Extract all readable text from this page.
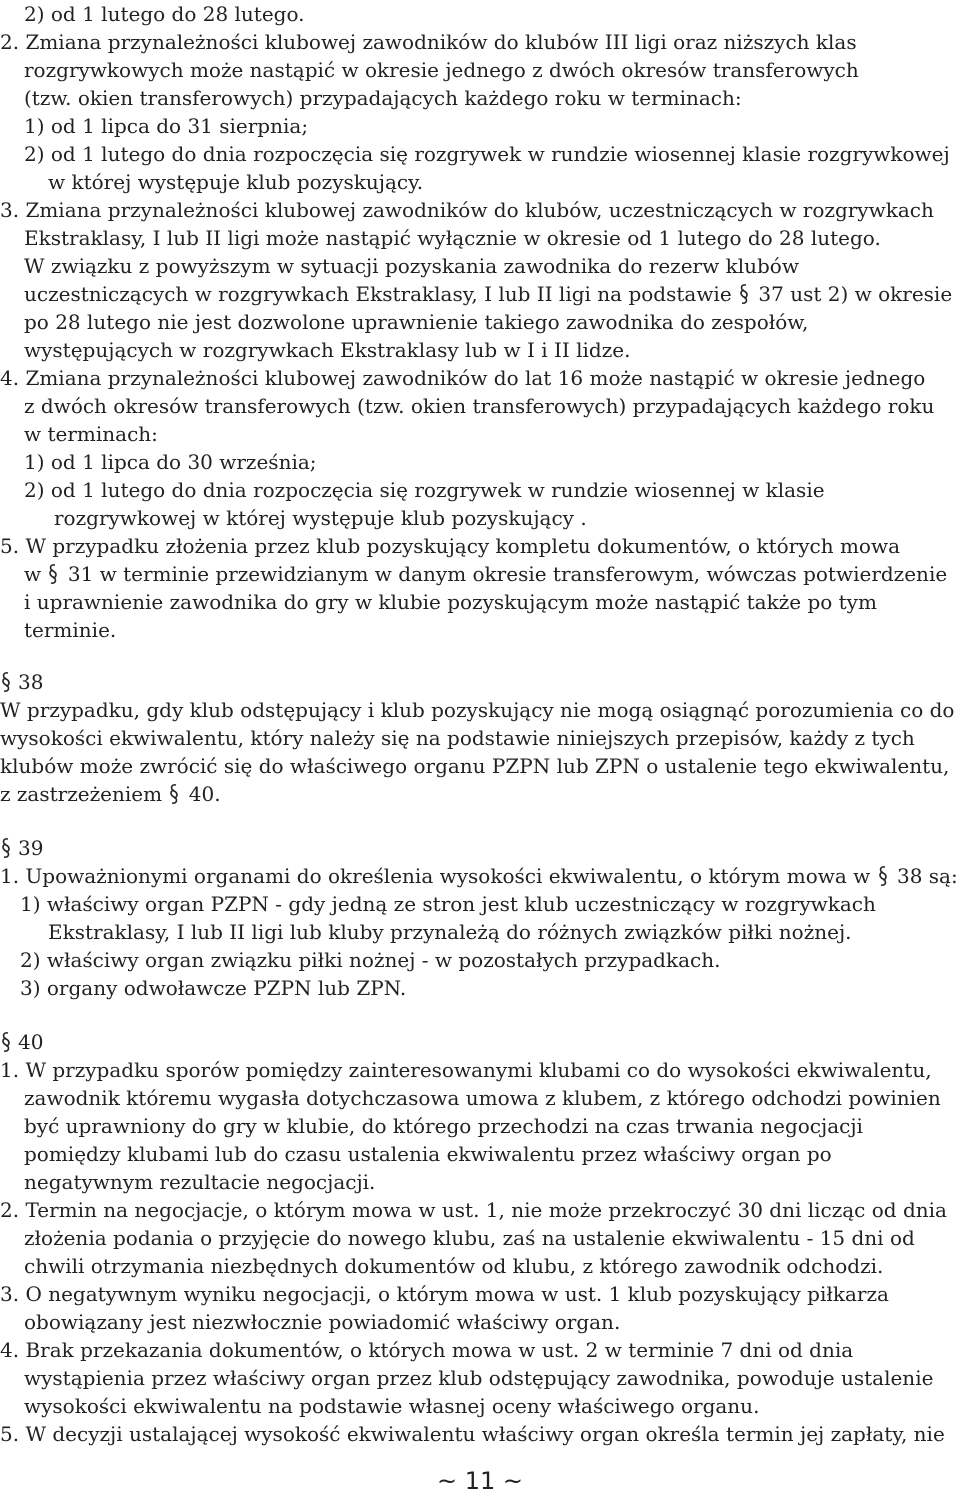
2) od 1 lutego do 28 lutego.
2. Zmiana przynależności klubowej zawodników do klubów III ligi oraz niższych klas
rozgrywkowych może nastąpić w okresie jednego z dwóch okresów transferowych
(tzw. okien transferowych) przypadających każdego roku w terminach:
1) od 1 lipca do 31 sierpnia;
2) od 1 lutego do dnia rozpoczęcia się rozgrywek w rundzie wiosennej klasie rozgrywkowej
w której występuje klub pozyskujący.
3. Zmiana przynależności klubowej zawodników do klubów, uczestniczących w rozgrywkach
Ekstraklasy, I lub II ligi może nastąpić wyłącznie w okresie od 1 lutego do 28 lutego.
W związku z powyższym w sytuacji pozyskania zawodnika do rezerw klubów
uczestniczących w rozgrywkach Ekstraklasy, I lub II ligi na podstawie 37 ust 2) w okresie
po 28 lutego nie jest dozwolone uprawnienie takiego zawodnika do zespołów,
występujących w rozgrywkach Ekstraklasy lub w I i II lidze.
4. Zmiana przynależności klubowej zawodników do lat 16 może nastąpić w okresie jednego
z dwóch okresów transferowych (tzw. okien transferowych) przypadających każdego roku
w terminach:
1) od 1 lipca do 30 września;
2) od 1 lutego do dnia rozpoczęcia się rozgrywek w rundzie wiosennej w klasie
rozgrywkowej w której występuje klub pozyskujący .
5. W przypadku złożenia przez klub pozyskujący kompletu dokumentów, o których mowa
w 31 w terminie przewidzianym w danym okresie transferowym, wówczas potwierdzenie
i uprawnienie zawodnika do gry w klubie pozyskującym może nastąpić także po tym
terminie.
38
W przypadku, gdy klub odstępujący i klub pozyskujący nie mogą osiągnąć porozumienia co do
wysokości ekwiwalentu, który należy się na podstawie niniejszych przepisów, każdy z tych
klubów może zwrócić się do właściwego organu PZPN lub ZPN o ustalenie tego ekwiwalentu,
z zastrzeżeniem 40.
39
1. Upoważnionymi organami do określenia wysokości ekwiwalentu, o którym mowa w 38 są:
1) właściwy organ PZPN - gdy jedną ze stron jest klub uczestniczący w rozgrywkach
Ekstraklasy, I lub II ligi lub kluby przynależą do różnych związków piłki nożnej.
2) właściwy organ związku piłki nożnej - w pozostałych przypadkach.
3) organy odwoławcze PZPN lub ZPN.
40
1. W przypadku sporów pomiędzy zainteresowanymi klubami co do wysokości ekwiwalentu,
zawodnik któremu wygasła dotychczasowa umowa z klubem, z którego odchodzi powinien
być uprawniony do gry w klubie, do którego przechodzi na czas trwania negocjacji
pomiędzy klubami lub do czasu ustalenia ekwiwalentu przez właściwy organ po
negatywnym rezultacie negocjacji.
2. Termin na negocjacje, o którym mowa w ust. 1, nie może przekroczyć 30 dni licząc od dnia
złożenia podania o przyjęcie do nowego klubu, zaś na ustalenie ekwiwalentu - 15 dni od
chwili otrzymania niezbędnych dokumentów od klubu, z którego zawodnik odchodzi.
3. O negatywnym wyniku negocjacji, o którym mowa w ust. 1 klub pozyskujący piłkarza
obowiązany jest niezwłocznie powiadomić właściwy organ.
4. Brak przekazania dokumentów, o których mowa w ust. 2 w terminie 7 dni od dnia
wystąpienia przez właściwy organ przez klub odstępujący zawodnika, powoduje ustalenie
wysokości ekwiwalentu na podstawie własnej oceny właściwego organu.
5. W decyzji ustalającej wysokość ekwiwalentu właściwy organ określa termin jej zapłaty, nie
~ 11 ~
